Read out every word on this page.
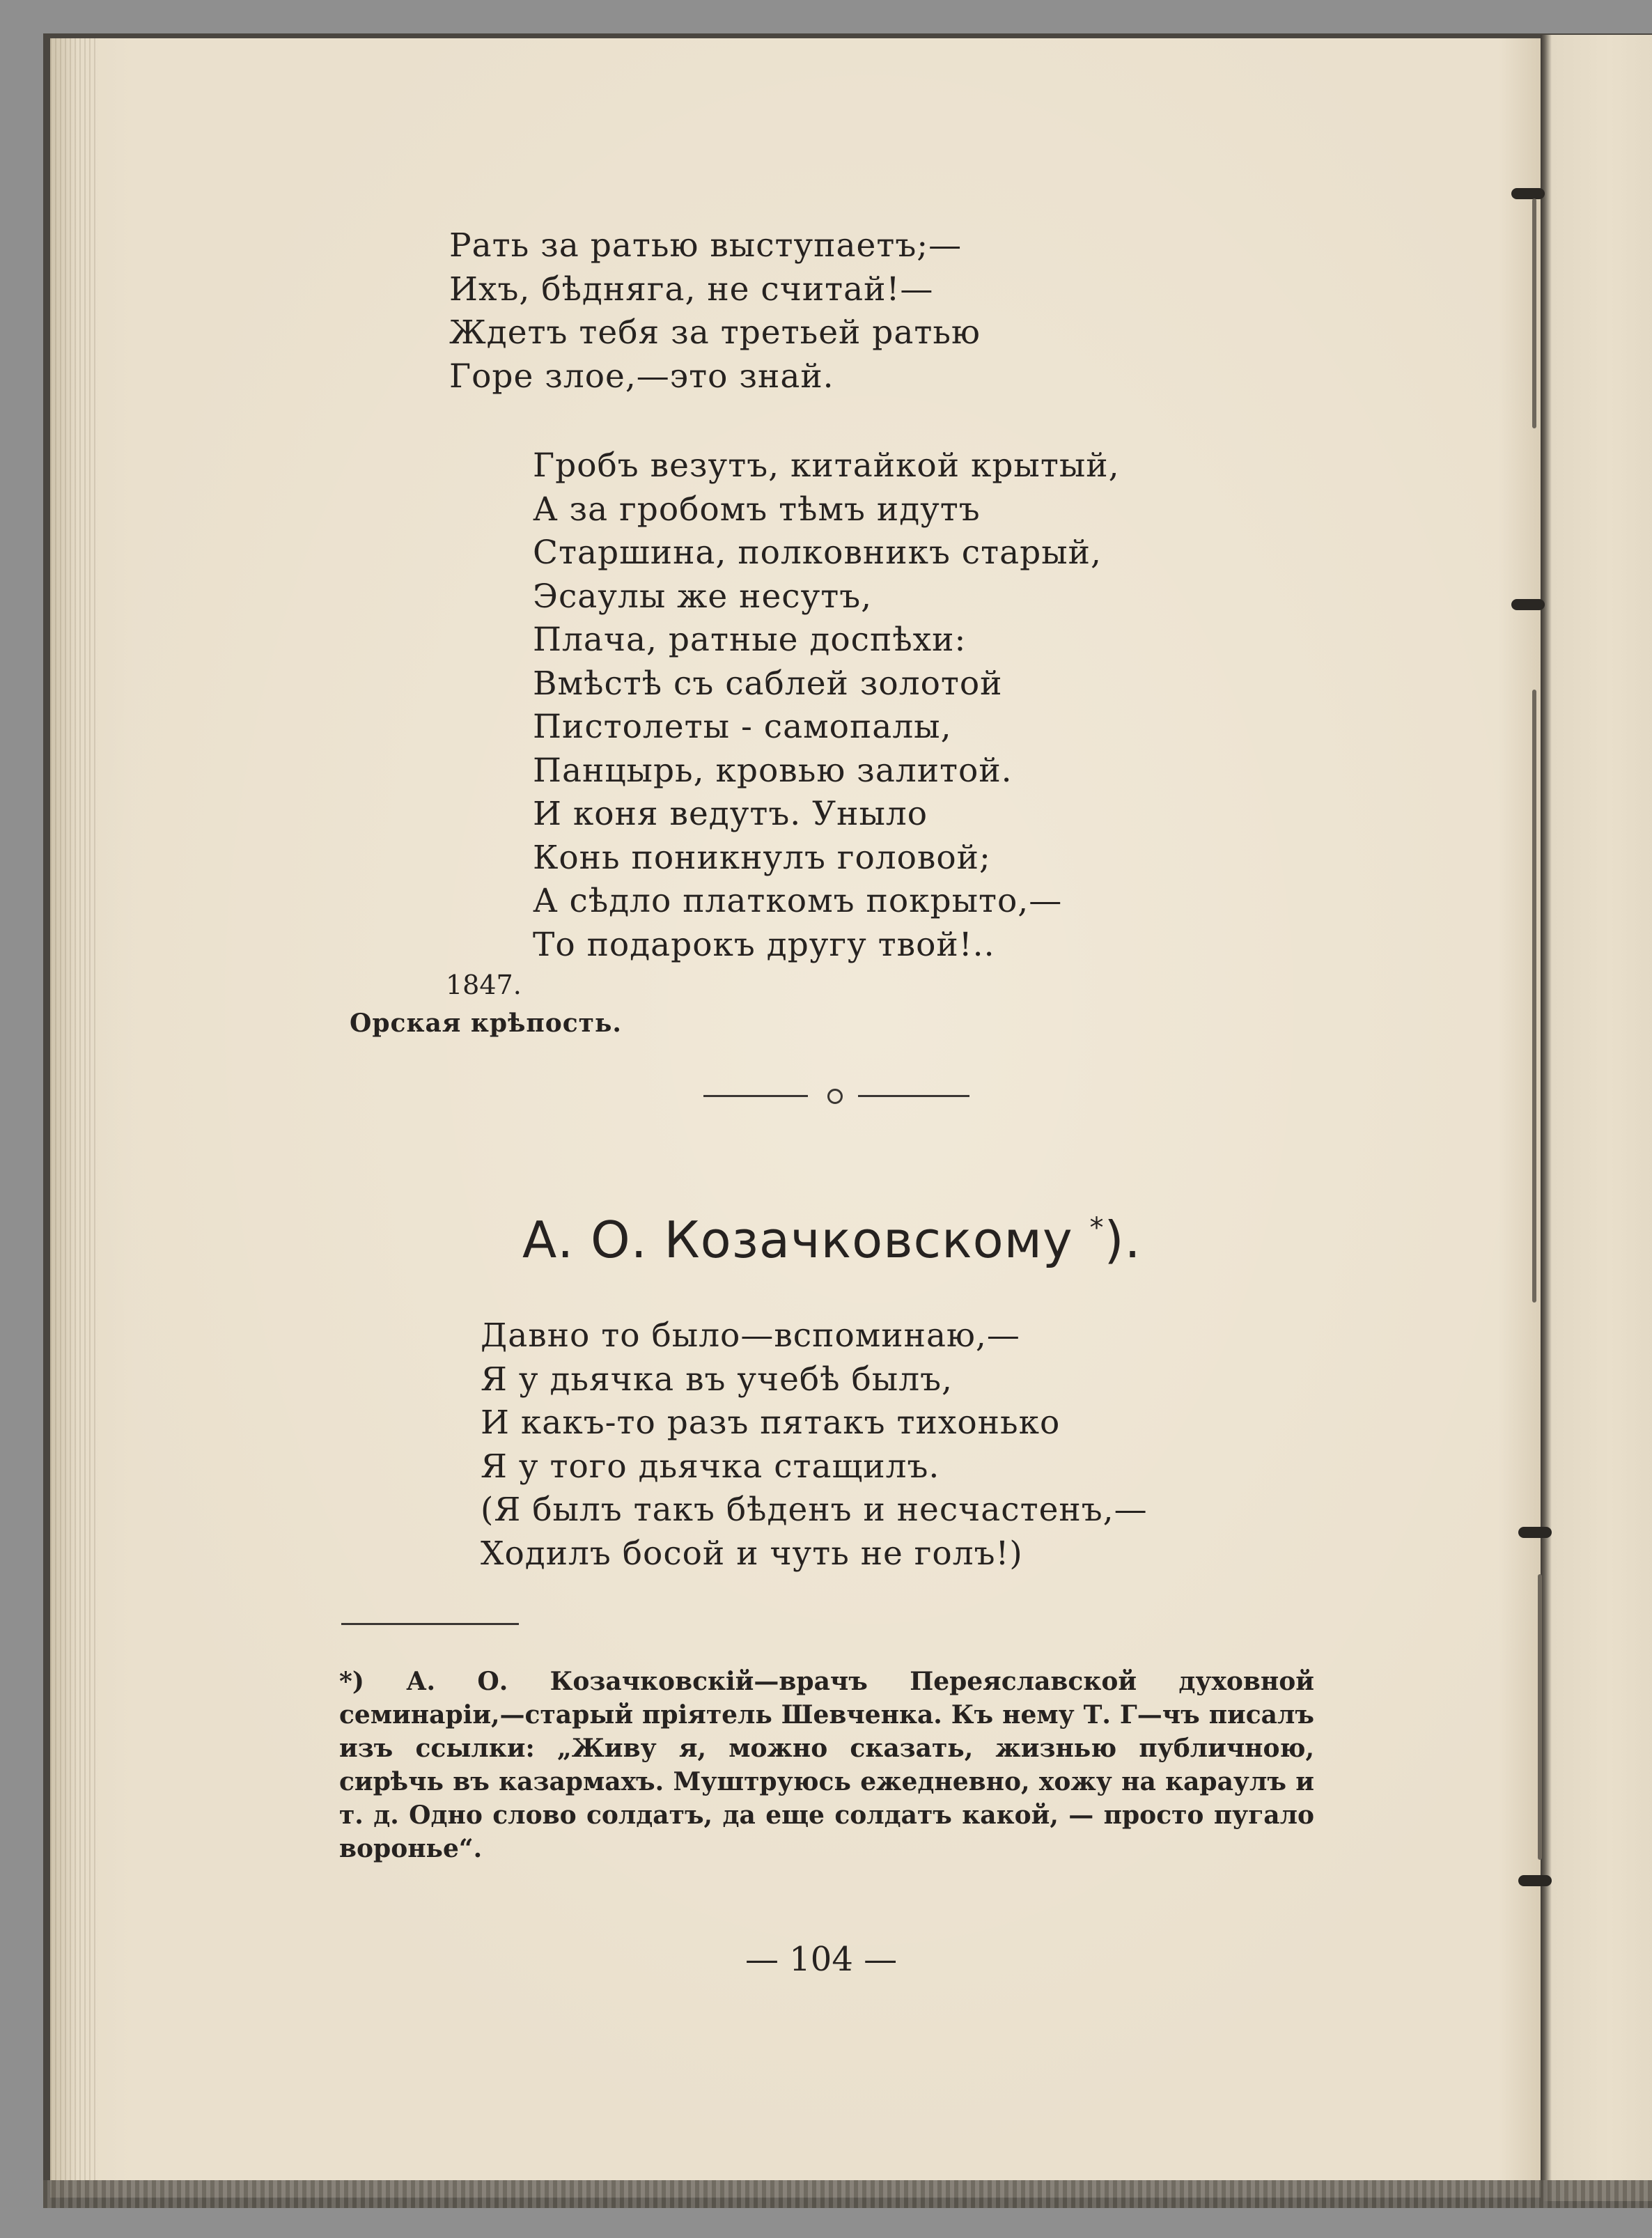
Рать за ратью выступаетъ;—
Ихъ, бѣдняга, не считай!—
Ждетъ тебя за третьей ратью
Горе злое,—это знай.
Гробъ везутъ, китайкой крытый,
А за гробомъ тѣмъ идутъ
Старшина, полковникъ старый,
Эсаулы же несутъ,
Плача, ратные доспѣхи:
Вмѣстѣ съ саблей золотой
Пистолеты - самопалы,
Панцырь, кровью залитой.
И коня ведутъ. Уныло
Конь поникнулъ головой;
А сѣдло платкомъ покрыто,—
То подарокъ другу твой!..
1847.
Орская крѣпость.
А. О. Козачковскому *).
Давно то было—вспоминаю,—
Я у дьячка въ учебѣ былъ,
И какъ-то разъ пятакъ тихонько
Я у того дьячка стащилъ.
(Я былъ такъ бѣденъ и несчастенъ,—
Ходилъ босой и чуть не голъ!)
*) А. О. Козачковскій—врачъ Переяславской духовной семинаріи,—старый пріятель Шевченка. Къ нему Т. Г—чъ писалъ изъ ссылки: „Живу я, можно сказать, жизнью публичною, сирѣчь въ казармахъ. Муштруюсь ежедневно, хожу на караулъ и т. д. Одно слово солдатъ, да еще солдатъ какой, — просто пугало воронье“.
— 104 —
